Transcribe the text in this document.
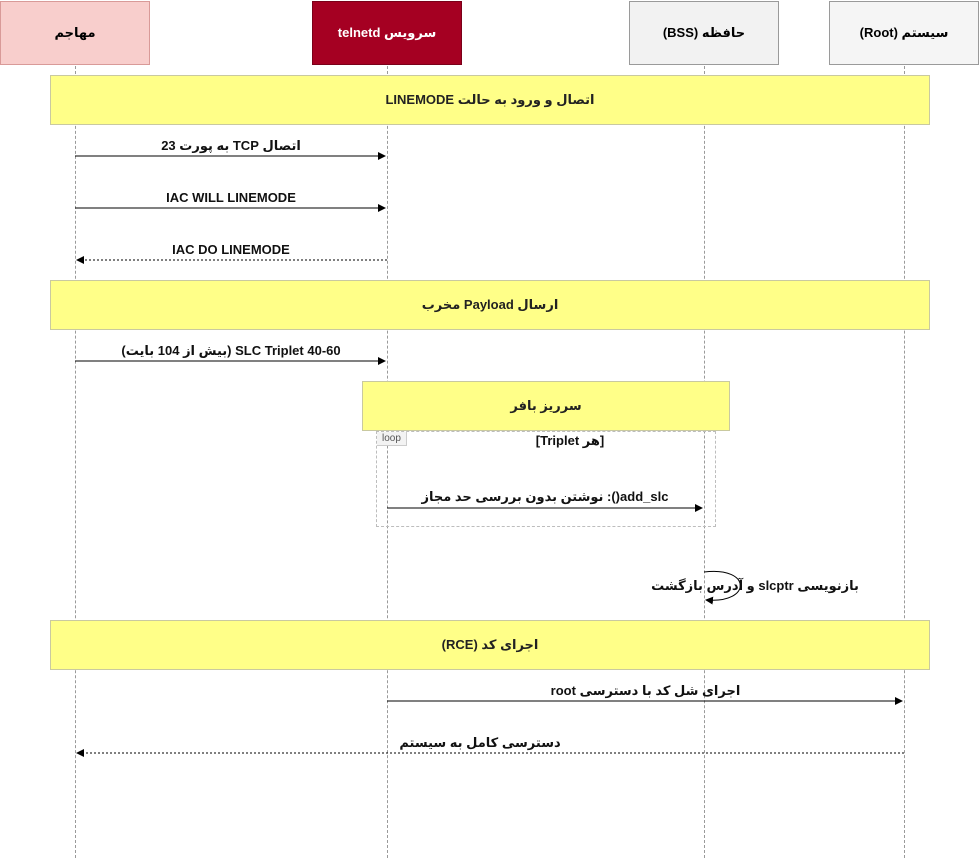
مهاجم	سرویس telnetd	حافظه (BSS)	سیستم (Root)
اتصال و ورود به حالت LINEMODE
ارسال Payload مخرب
سرریز بافر
اجرای کد (RCE)
loop	[هر Triplet]
اتصال TCP به پورت 23
IAC WILL LINEMODE
IAC DO LINEMODE
SLC Triplet 40-60 (بیش از 104 بایت)
add_slc(): نوشتن بدون بررسی حد مجاز
بازنویسی slcptr و آدرس بازگشت
اجرای شل کد با دسترسی root
دسترسی کامل به سیستم
